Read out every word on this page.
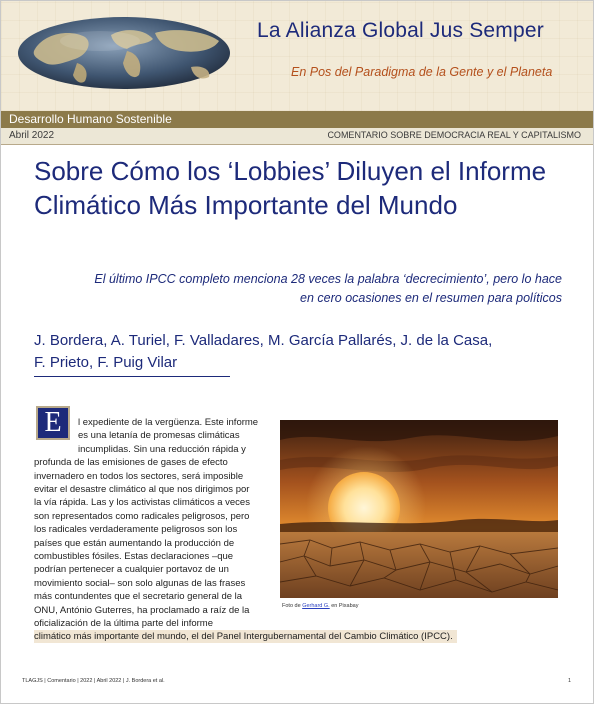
La Alianza Global Jus Semper
En Pos del Paradigma de la Gente y el Planeta
Desarrollo Humano Sostenible
Abril 2022	COMENTARIO SOBRE DEMOCRACIA REAL Y CAPITALISMO
Sobre Cómo los ‘Lobbies’ Diluyen el Informe Climático Más Importante del Mundo
El último IPCC completo menciona 28 veces la palabra ‘decrecimiento’, pero lo hace
en cero ocasiones en el resumen para políticos
J. Bordera, A. Turiel, F. Valladares, M. García Pallarés, J. de la Casa,
F. Prieto, F. Puig Vilar
E	l expediente de la vergüenza. Este informe
es una letanía de promesas climáticas
incumplidas. Sin una reducción rápida y
profunda de las emisiones de gases de efecto
invernadero en todos los sectores, será imposible
evitar el desastre climático al que nos dirigimos por
la vía rápida. Las y los activistas climáticos a veces
son representados como radicales peligrosos, pero
los radicales verdaderamente peligrosos son los
países que están aumentando la producción de
combustibles fósiles. Estas declaraciones –que
podrían pertenecer a cualquier portavoz de un
movimiento social– son solo algunas de las frases
más contundentes que el secretario general de la
ONU, António Guterres, ha proclamado a raíz de la
oficialización de la última parte del informe
Foto de Gerhard G. en Pixabay
climático más importante del mundo, el del Panel Intergubernamental del Cambio Climático (IPCC).
TLAGJS | Comentario | 2022 | Abril 2022 | J. Bordera et al.	1
